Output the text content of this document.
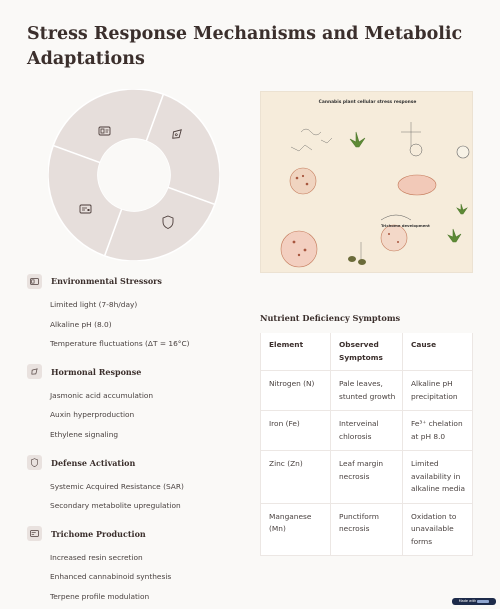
Stress Response Mechanisms and Metabolic Adaptations
Environmental Stressors
Limited light (7-8h/day)
Alkaline pH (8.0)
Temperature fluctuations (ΔT = 16°C)
Hormonal Response
Jasmonic acid accumulation
Auxin hyperproduction
Ethylene signaling
Defense Activation
Systemic Acquired Resistance (SAR)
Secondary metabolite upregulation
Trichome Production
Increased resin secretion
Enhanced cannabinoid synthesis
Terpene profile modulation
Cannabis plant cellular stress response
Trichome development
Nutrient Deficiency Symptoms
Element	Observed Symptoms	Cause
Nitrogen (N)	Pale leaves, stunted growth	Alkaline pH precipitation
Iron (Fe)	Interveinal chlorosis	Fe³⁺ chelation at pH 8.0
Zinc (Zn)	Leaf margin necrosis	Limited availability in alkaline media
Manganese (Mn)	Punctiform necrosis	Oxidation to unavailable forms
Made with
